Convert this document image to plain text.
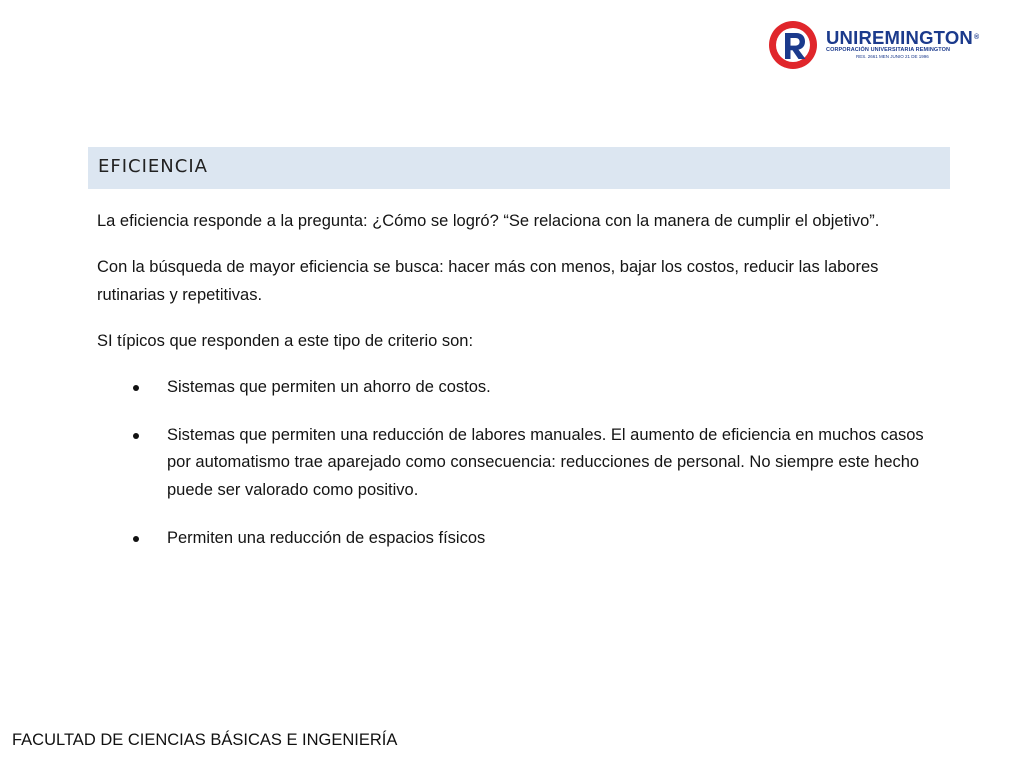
UNIREMINGTON®
CORPORACIÓN UNIVERSITARIA REMINGTON
RES. 2661 MEN JUNIO 21 DE 1996
EFICIENCIA

La eficiencia responde a la pregunta: ¿Cómo se logró? “Se relaciona con la manera de cumplir el objetivo”.

Con la búsqueda de mayor eficiencia se busca: hacer más con menos, bajar los costos, reducir las labores rutinarias y repetitivas.

SI típicos que responden a este tipo de criterio son:

Sistemas que permiten un ahorro de costos.
Sistemas que permiten una reducción de labores manuales. El aumento de eficiencia en muchos casos por automatismo trae aparejado como consecuencia: reducciones de personal. No siempre este hecho puede ser valorado como positivo.
Permiten una reducción de espacios físicos
FACULTAD DE CIENCIAS BÁSICAS E INGENIERÍA
